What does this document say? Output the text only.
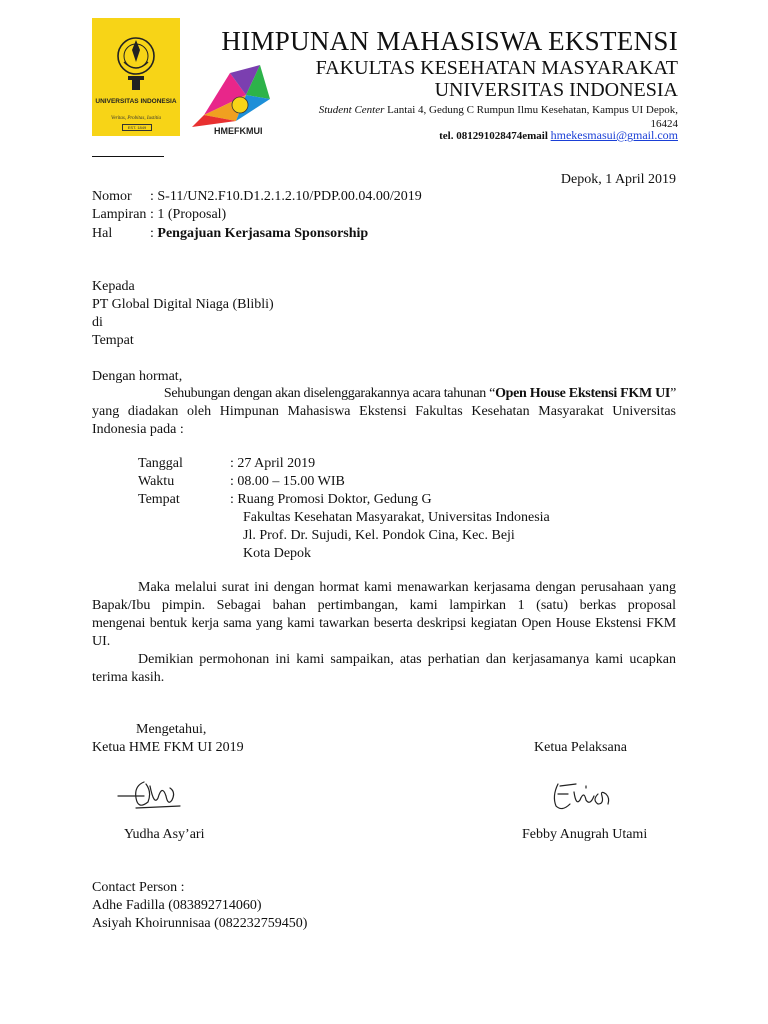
UNIVERSITAS INDONESIA
Veritas, Probitas, Iustitia
EST. 1849	HMEFKMUI
HIMPUNAN MAHASISWA EKSTENSI
FAKULTAS KESEHATAN MASYARAKAT
UNIVERSITAS INDONESIA
Student Center Lantai 4, Gedung C Rumpun Ilmu Kesehatan, Kampus UI Depok,
16424
tel. 081291028474email hmekesmasui@gmail.com
Depok, 1 April 2019
Nomor : S-11/UN2.F10.D1.2.1.2.10/PDP.00.04.00/2019
Lampiran : 1 (Proposal)
Hal	: Pengajuan Kerjasama Sponsorship
Kepada
PT Global Digital Niaga (Blibli)
di
Tempat
Dengan hormat,
Sehubungan dengan akan diselenggarakannya acara tahunan “Open House Ekstensi FKM UI”
yang diadakan oleh Himpunan Mahasiswa Ekstensi Fakultas Kesehatan Masyarakat Universitas
Indonesia pada :
Tanggal	: 27 April 2019
Waktu	: 08.00 – 15.00 WIB
Tempat	: Ruang Promosi Doktor, Gedung G
Fakultas Kesehatan Masyarakat, Universitas Indonesia
Jl. Prof. Dr. Sujudi, Kel. Pondok Cina, Kec. Beji
Kota Depok
Maka melalui surat ini dengan hormat kami menawarkan kerjasama dengan perusahaan yang
Bapak/Ibu pimpin. Sebagai bahan pertimbangan, kami lampirkan 1 (satu) berkas proposal
mengenai bentuk kerja sama yang kami tawarkan beserta deskripsi kegiatan Open House Ekstensi FKM
UI.
Demikian permohonan ini kami sampaikan, atas perhatian dan kerjasamanya kami ucapkan
terima kasih.
Mengetahui,
Ketua HME FKM UI 2019	Ketua Pelaksana
Yudha Asy’ari	Febby Anugrah Utami
Contact Person :
Adhe Fadilla (083892714060)
Asiyah Khoirunnisaa (082232759450)
